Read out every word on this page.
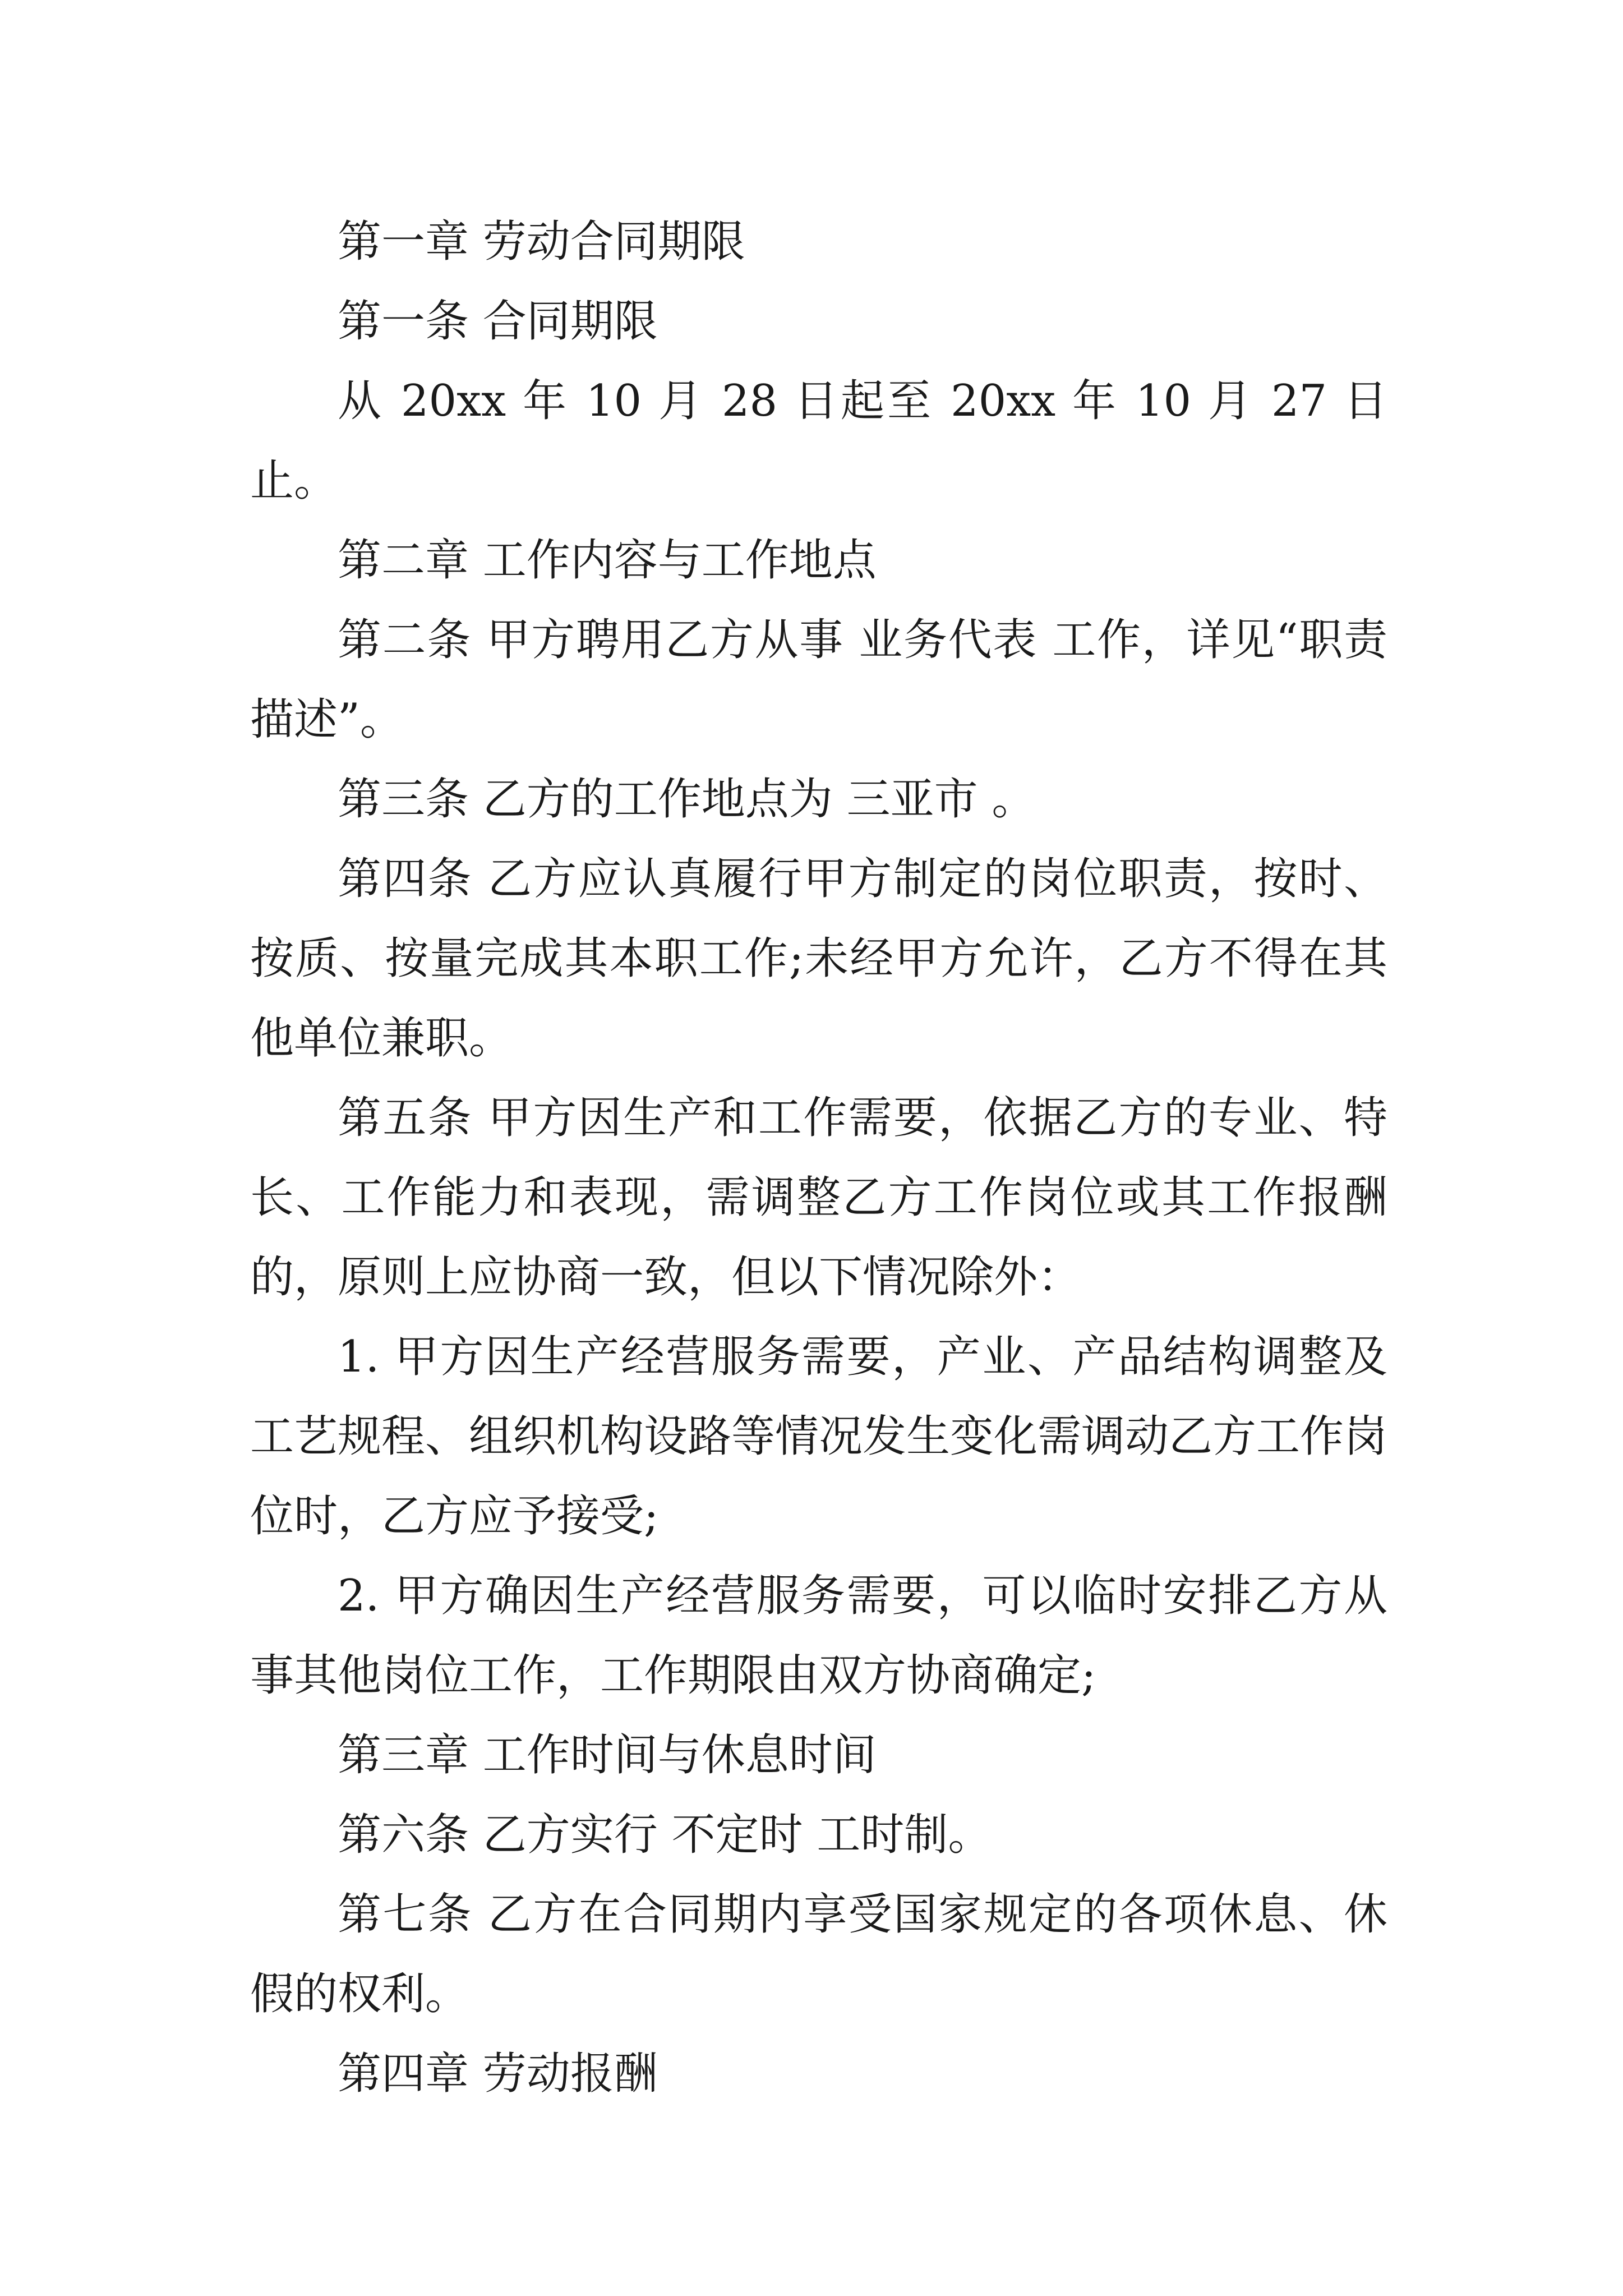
第一章 劳动合同期限

第一条 合同期限

从 20xx 年 10 月 28 日起至 20xx 年 10 月 27 日止。

第二章 工作内容与工作地点

第二条 甲方聘用乙方从事 业务代表 工作，详见“职责描述”。

第三条 乙方的工作地点为 三亚市 。

第四条 乙方应认真履行甲方制定的岗位职责，按时、按质、按量完成其本职工作;未经甲方允许，乙方不得在其他单位兼职。

第五条 甲方因生产和工作需要，依据乙方的专业、特长、工作能力和表现，需调整乙方工作岗位或其工作报酬的，原则上应协商一致，但以下情况除外：

1. 甲方因生产经营服务需要，产业、产品结构调整及工艺规程、组织机构设路等情况发生变化需调动乙方工作岗位时，乙方应予接受;

2. 甲方确因生产经营服务需要，可以临时安排乙方从事其他岗位工作，工作期限由双方协商确定;

第三章 工作时间与休息时间

第六条 乙方实行 不定时 工时制。

第七条 乙方在合同期内享受国家规定的各项休息、休假的权利。

第四章 劳动报酬
